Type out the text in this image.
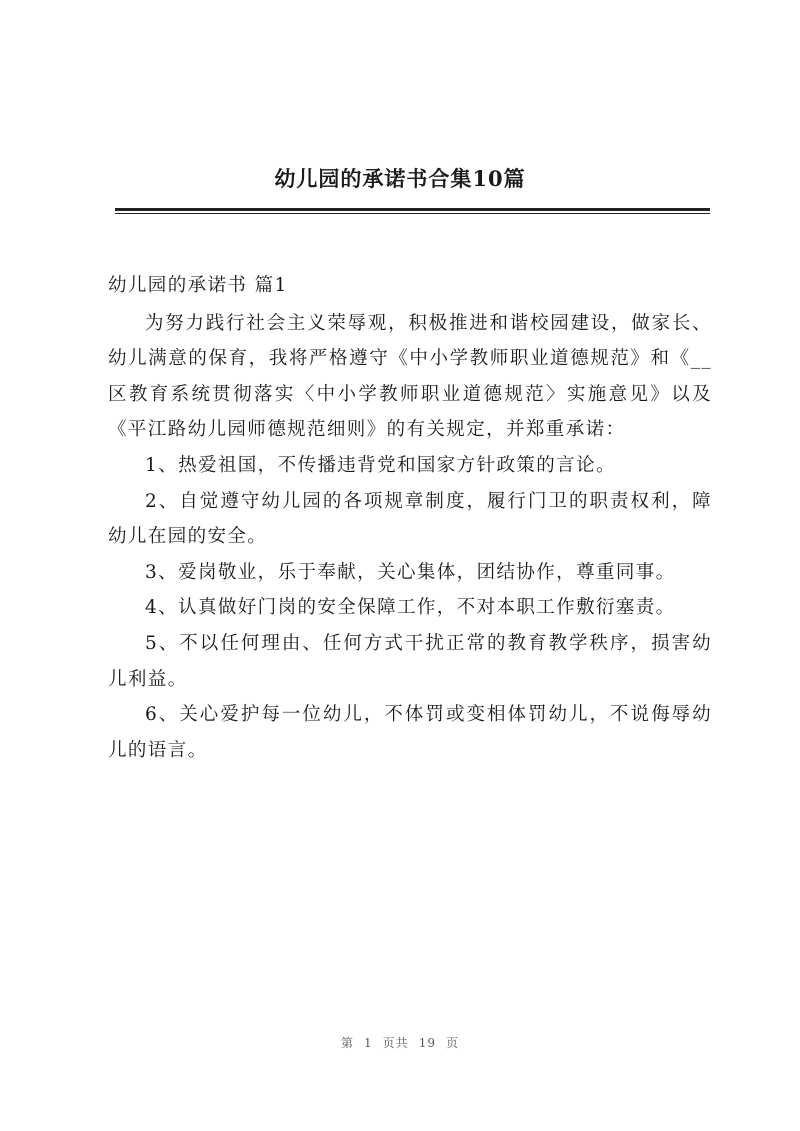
幼儿园的承诺书合集10篇

幼儿园的承诺书 篇1

为努力践行社会主义荣辱观，积极推进和谐校园建设，做家长、幼儿满意的保育，我将严格遵守《中小学教师职业道德规范》和《__区教育系统贯彻落实〈中小学教师职业道德规范〉实施意见》以及《平江路幼儿园师德规范细则》的有关规定，并郑重承诺：

1、热爱祖国，不传播违背党和国家方针政策的言论。

2、自觉遵守幼儿园的各项规章制度，履行门卫的职责权利，障幼儿在园的安全。

3、爱岗敬业，乐于奉献，关心集体，团结协作，尊重同事。

4、认真做好门岗的安全保障工作，不对本职工作敷衍塞责。

5、不以任何理由、任何方式干扰正常的教育教学秩序，损害幼儿利益。

6、关心爱护每一位幼儿，不体罚或变相体罚幼儿，不说侮辱幼儿的语言。

第 1 页共 19 页
